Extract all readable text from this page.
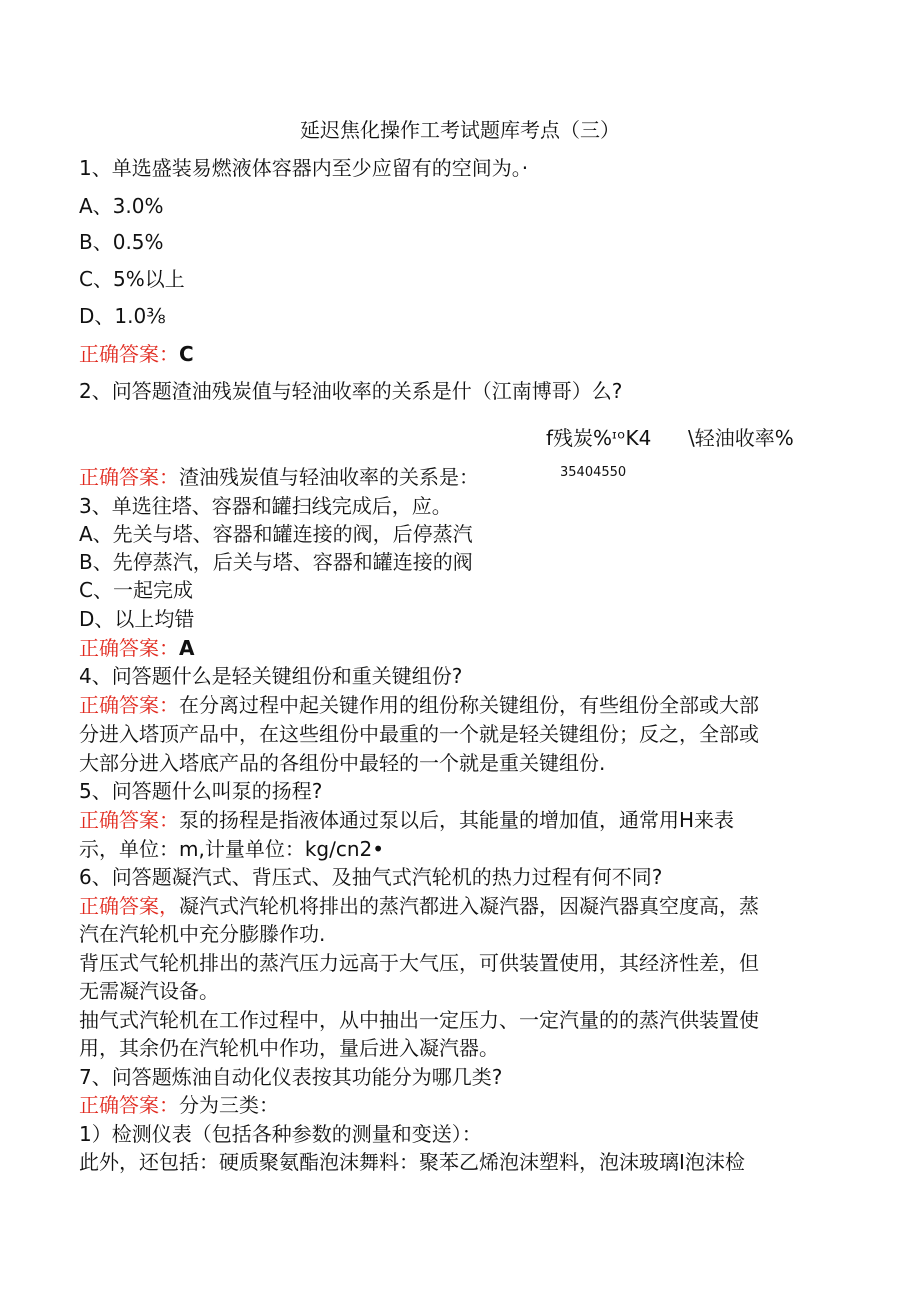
延迟焦化操作工考试题库考点（三）
1、单选盛装易燃液体容器内至少应留有的空间为。·
A、3.0%
B、0.5%
C、5%以上
D、1.0⅜
正确答案：C
2、问答题渣油残炭值与轻油收率的关系是什（江南博哥）么?
f残炭%ᶦᵒK4 \轻油收率%
正确答案：渣油残炭值与轻油收率的关系是：	35404550
3、单选往塔、容器和罐扫线完成后，应。
A、先关与塔、容器和罐连接的阀，后停蒸汽
B、先停蒸汽，后关与塔、容器和罐连接的阀
C、一起完成
D、以上均错
正确答案：A
4、问答题什么是轻关键组份和重关键组份?
正确答案：在分离过程中起关键作用的组份称关键组份，有些组份全部或大部
分进入塔顶产品中，在这些组份中最重的一个就是轻关键组份；反之，全部或
大部分进入塔底产品的各组份中最轻的一个就是重关键组份.
5、问答题什么叫泵的扬程?
正确答案：泵的扬程是指液体通过泵以后，其能量的增加值，通常用H来表
示，单位：m,计量单位：kg∕cn2•
6、问答题凝汽式、背压式、及抽气式汽轮机的热力过程有何不同?
正确答案，凝汽式汽轮机将排出的蒸汽都进入凝汽器，因凝汽器真空度高，蒸
汽在汽轮机中充分膨滕作功.
背压式气轮机排出的蒸汽压力远高于大气压，可供装置使用，其经济性差，但
无需凝汽设备。
抽气式汽轮机在工作过程中，从中抽出一定压力、一定汽量的的蒸汽供装置使
用，其余仍在汽轮机中作功，量后进入凝汽器。
7、问答题炼油自动化仪表按其功能分为哪几类?
正确答案：分为三类：
1）检测仪表（包括各种参数的测量和变送）：
此外，还包括：硬质聚氨酯泡沫舞料：聚苯乙烯泡沫塑料，泡沫玻璃I泡沫检
